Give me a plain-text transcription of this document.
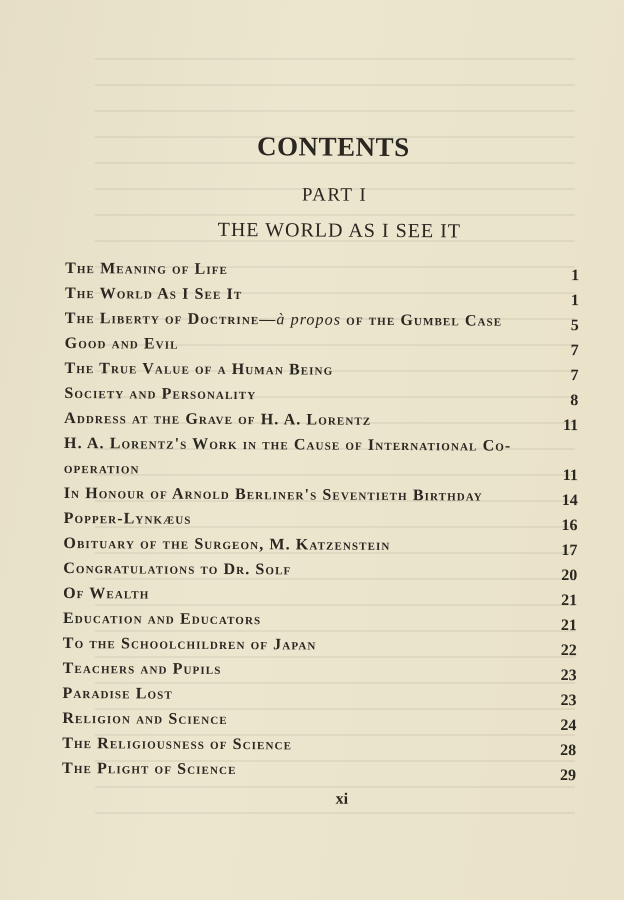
CONTENTS
PART I
THE WORLD AS I SEE IT
The Meaning of Life	1
The World As I See It	1
The Liberty of Doctrine—à propos of the Gumbel Case	5
Good and Evil	7
The True Value of a Human Being	7
Society and Personality	8
Address at the Grave of H. A. Lorentz	11
H. A. Lorentz's Work in the Cause of International Co-operation	11
In Honour of Arnold Berliner's Seventieth Birthday	14
Popper-Lynkæus	16
Obituary of the Surgeon, M. Katzenstein	17
Congratulations to Dr. Solf	20
Of Wealth	21
Education and Educators	21
To the Schoolchildren of Japan	22
Teachers and Pupils	23
Paradise Lost	23
Religion and Science	24
The Religiousness of Science	28
The Plight of Science	29
xi
